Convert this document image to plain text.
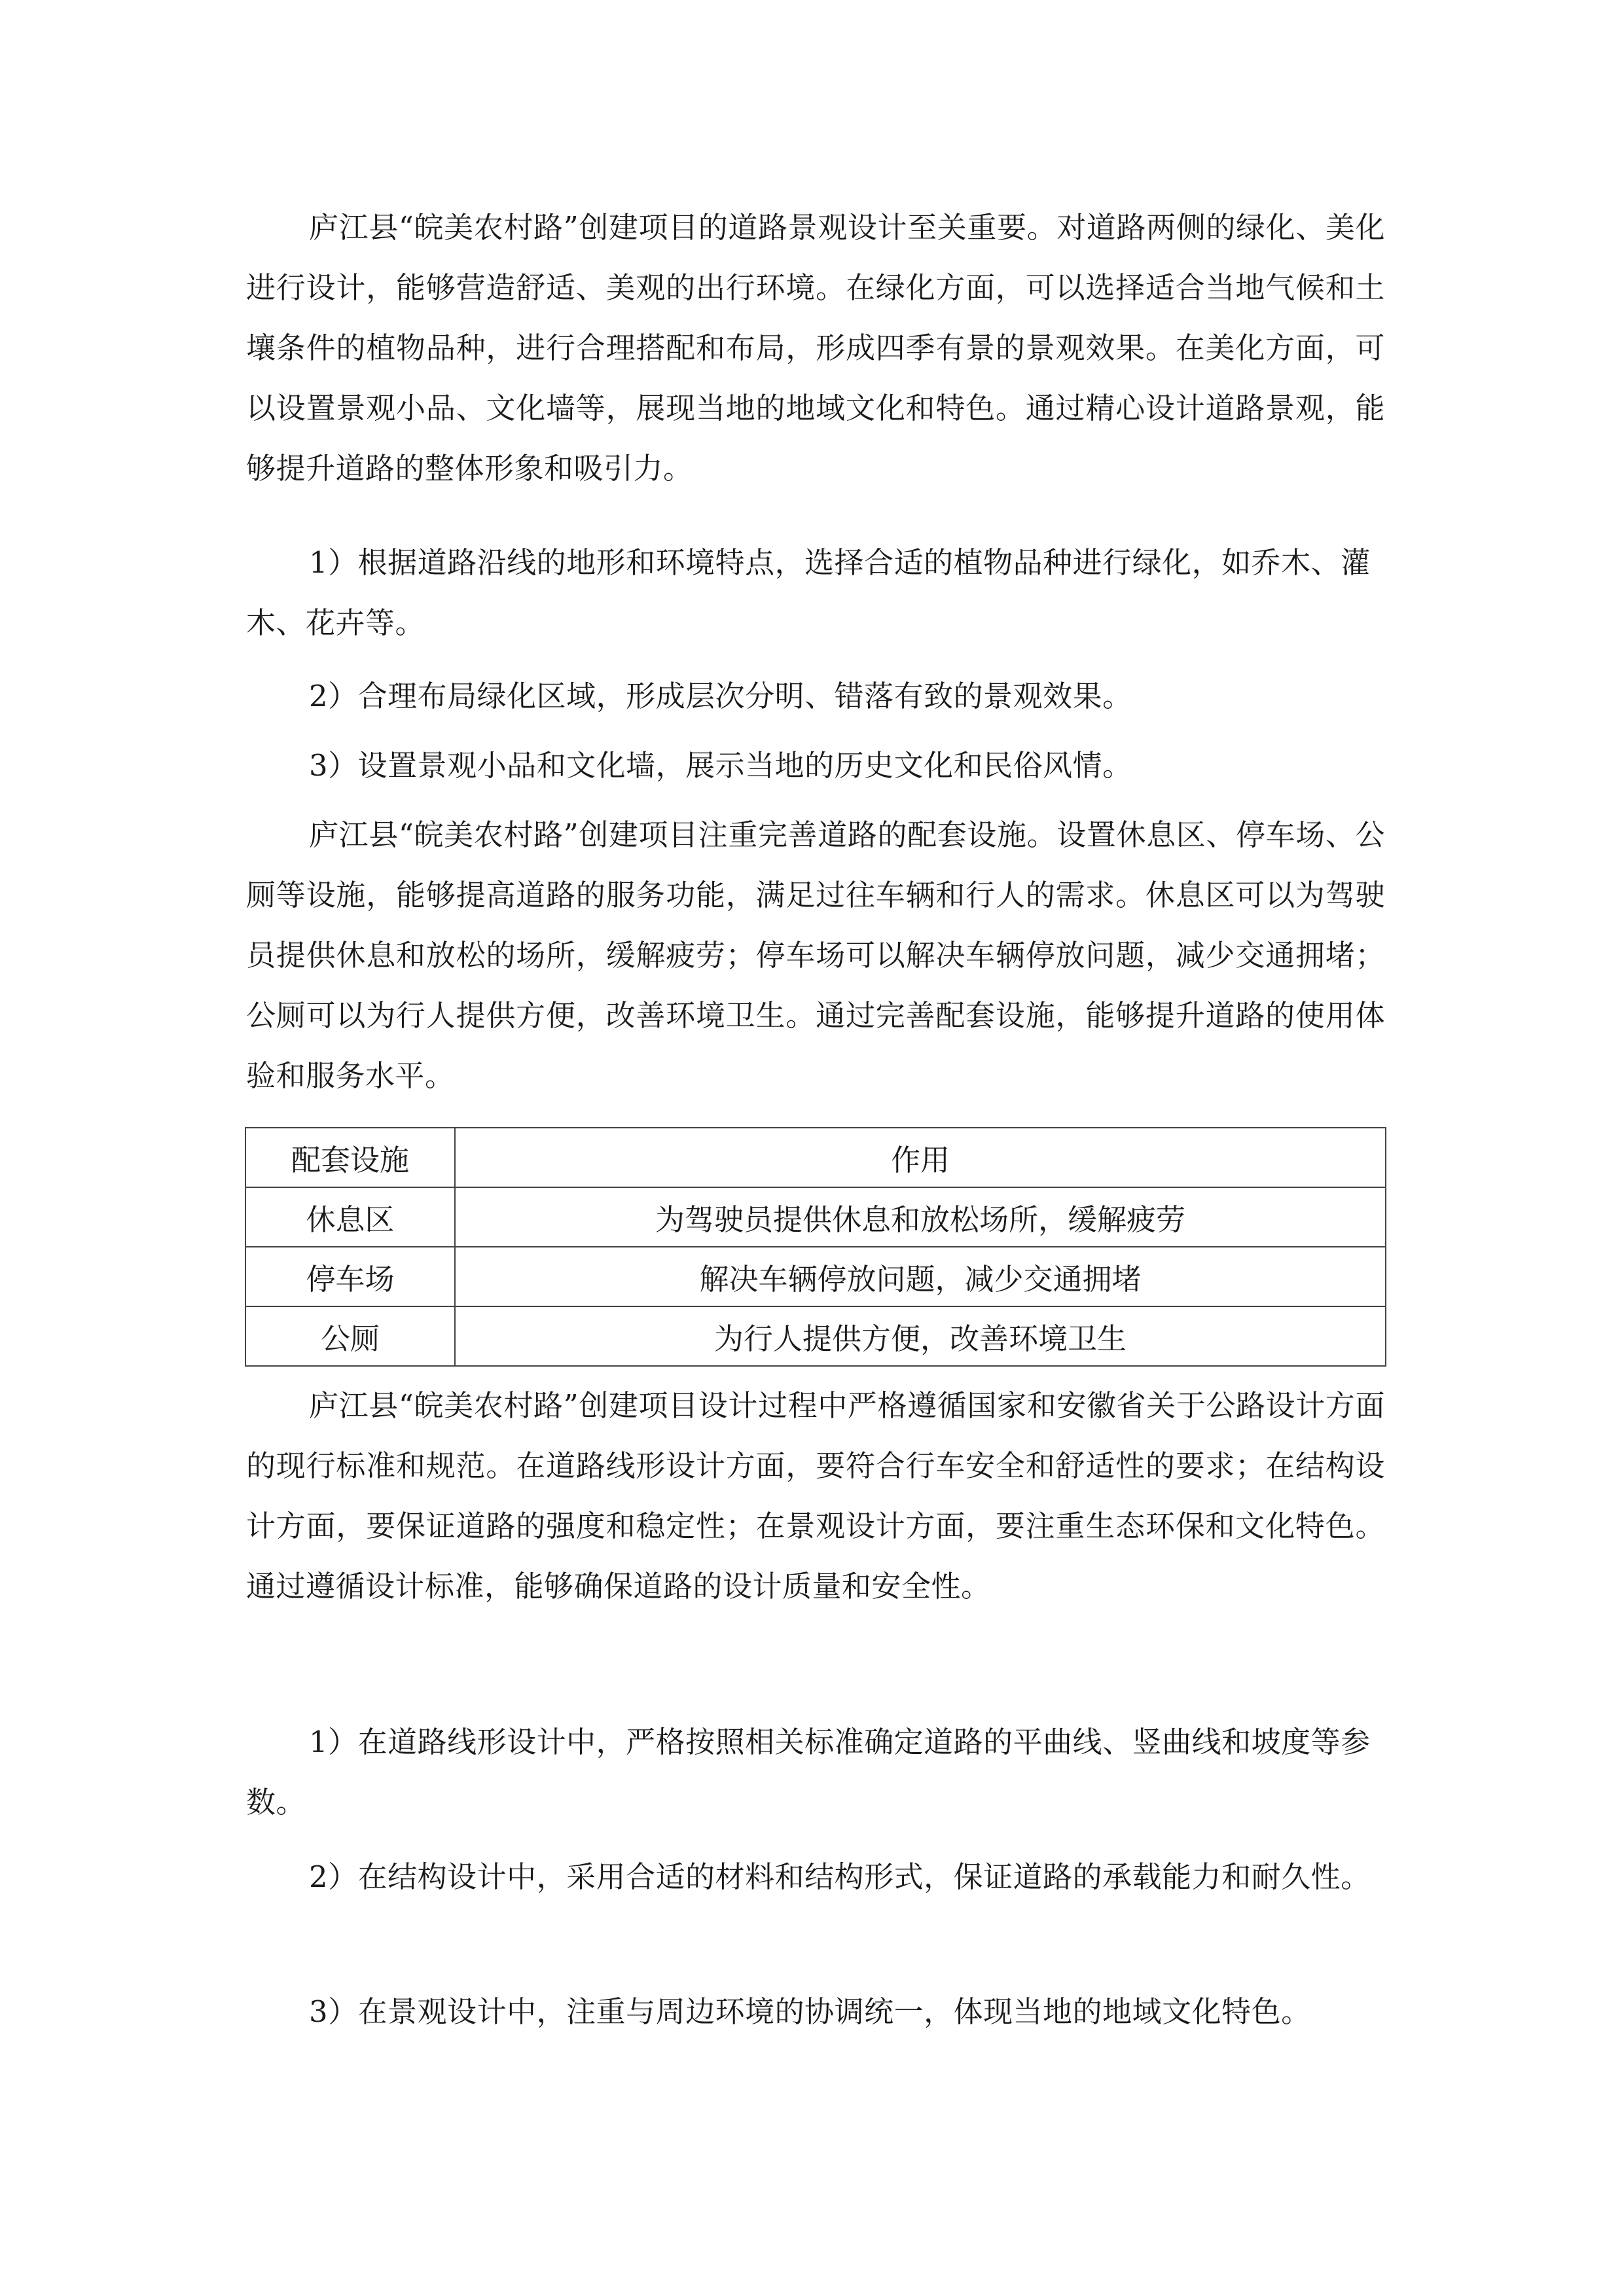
庐江县“皖美农村路”创建项目的道路景观设计至关重要。对道路两侧的绿化、美化进行设计，能够营造舒适、美观的出行环境。在绿化方面，可以选择适合当地气候和土壤条件的植物品种，进行合理搭配和布局，形成四季有景的景观效果。在美化方面，可以设置景观小品、文化墙等，展现当地的地域文化和特色。通过精心设计道路景观，能够提升道路的整体形象和吸引力。

1）根据道路沿线的地形和环境特点，选择合适的植物品种进行绿化，如乔木、灌木、花卉等。

2）合理布局绿化区域，形成层次分明、错落有致的景观效果。

3）设置景观小品和文化墙，展示当地的历史文化和民俗风情。

庐江县“皖美农村路”创建项目注重完善道路的配套设施。设置休息区、停车场、公厕等设施，能够提高道路的服务功能，满足过往车辆和行人的需求。休息区可以为驾驶员提供休息和放松的场所，缓解疲劳；停车场可以解决车辆停放问题，减少交通拥堵；公厕可以为行人提供方便，改善环境卫生。通过完善配套设施，能够提升道路的使用体验和服务水平。

配套设施	作用
休息区	为驾驶员提供休息和放松场所，缓解疲劳
停车场	解决车辆停放问题，减少交通拥堵
公厕	为行人提供方便，改善环境卫生

庐江县“皖美农村路”创建项目设计过程中严格遵循国家和安徽省关于公路设计方面的现行标准和规范。在道路线形设计方面，要符合行车安全和舒适性的要求；在结构设计方面，要保证道路的强度和稳定性；在景观设计方面，要注重生态环保和文化特色。通过遵循设计标准，能够确保道路的设计质量和安全性。

1）在道路线形设计中，严格按照相关标准确定道路的平曲线、竖曲线和坡度等参数。

2）在结构设计中，采用合适的材料和结构形式，保证道路的承载能力和耐久性。

3）在景观设计中，注重与周边环境的协调统一，体现当地的地域文化特色。
